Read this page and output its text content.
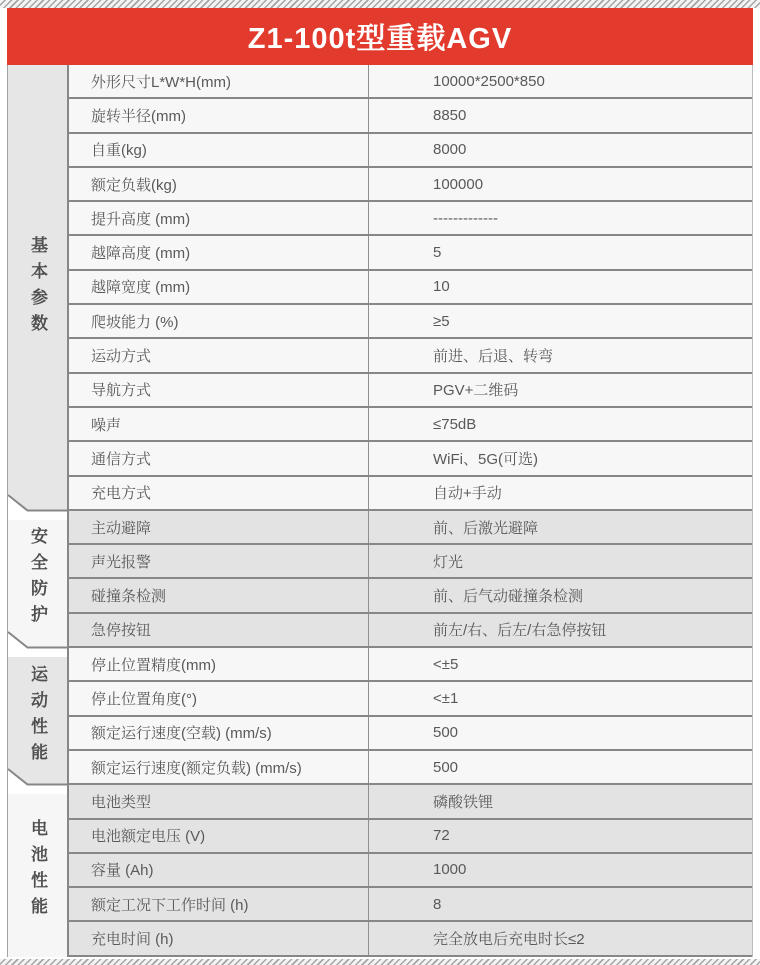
Z1-100t型重载AGV
基本参数
外形尺寸L*W*H(mm)	10000*2500*850
旋转半径(mm)	8850
自重(kg)	8000
额定负载(kg)	100000
提升高度 (mm)	-------------
越障高度 (mm)	5
越障宽度 (mm)	10
爬坡能力 (%)	≥5
运动方式	前进、后退、转弯
导航方式	PGV+二维码
噪声	≤75dB
通信方式	WiFi、5G(可选)
充电方式	自动+手动
安全防护	主动避障	前、后激光避障
声光报警	灯光
碰撞条检测	前、后气动碰撞条检测
急停按钮	前左/右、后左/右急停按钮
运动性能	停止位置精度(mm)	<±5
停止位置角度(°)	<±1
额定运行速度(空载) (mm/s)	500
额定运行速度(额定负载) (mm/s)	500
电池性能
电池类型	磷酸铁锂
电池额定电压 (V)	72
容量 (Ah)	1000
额定工况下工作时间 (h)	8
充电时间 (h)	完全放电后充电时长≤2
